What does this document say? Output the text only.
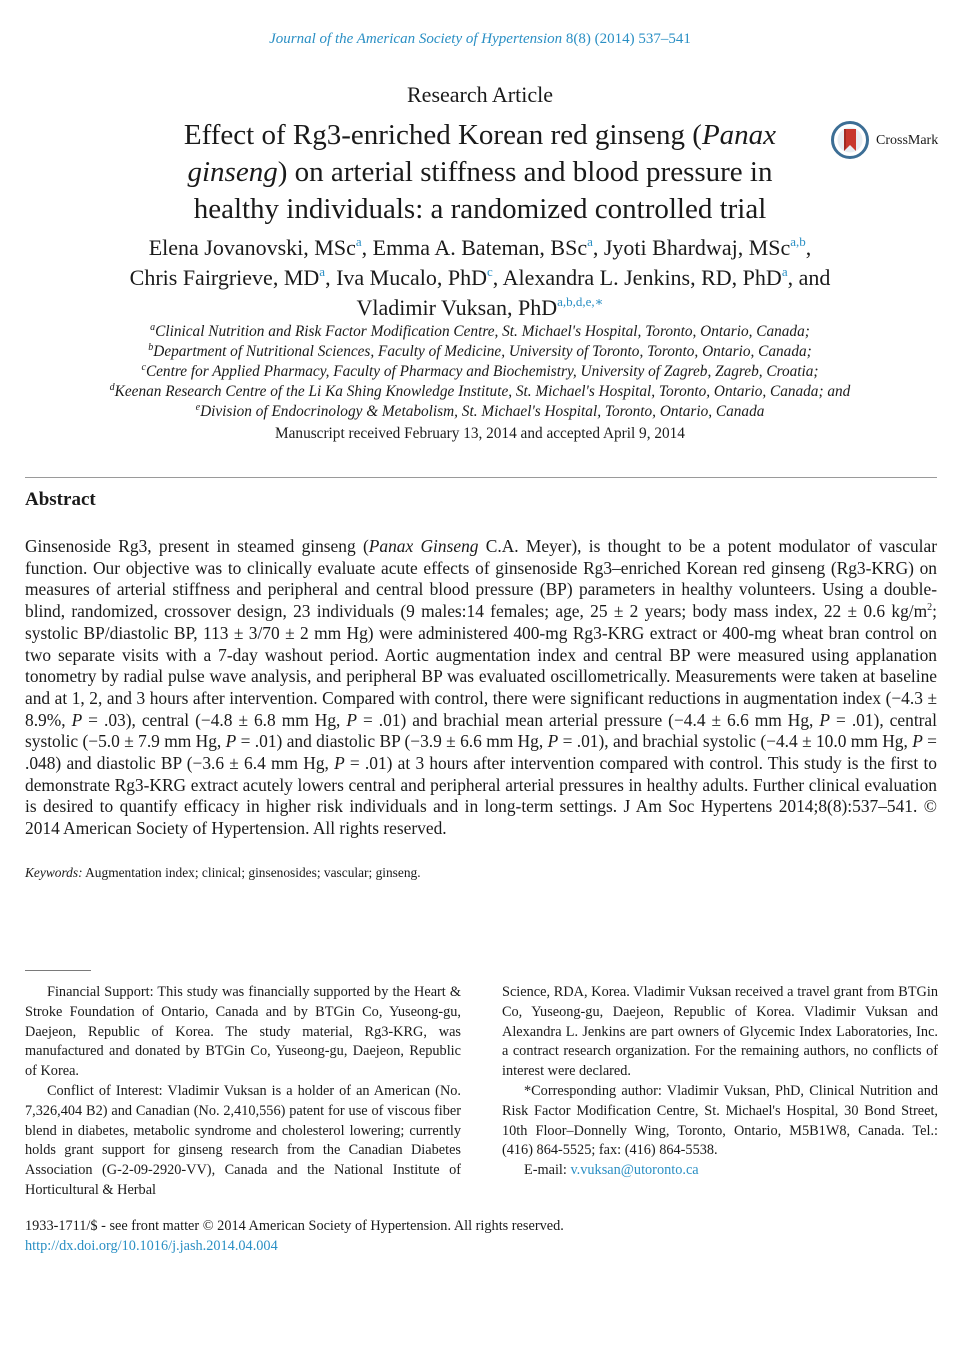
Journal of the American Society of Hypertension 8(8) (2014) 537–541
Research Article
Effect of Rg3-enriched Korean red ginseng (Panax
ginseng) on arterial stiffness and blood pressure in
healthy individuals: a randomized controlled trial
CrossMark
Elena Jovanovski, MSc$^a$, Emma A. Bateman, BSc$^a$, Jyoti Bhardwaj, MSc$^{a,b}$,
Chris Fairgrieve, $MD^a$, Iva Mucalo, PhD$^c$, Alexandra L. Jenkins, RD, PhD$^a$, and
Vladimir Vuksan, PhD$^{a,b,d,e,∗}$
$^a$Clinical Nutrition and Risk Factor Modification Centre, St. Michael's Hospital, Toronto, Ontario, Canada;
$^b$Department of Nutritional Sciences, Faculty of Medicine, University of Toronto, Toronto, Ontario, Canada;
$^c$Centre for Applied Pharmacy, Faculty of Pharmacy and Biochemistry, University of Zagreb, Zagreb, Croatia;
$^d$Keenan Research Centre of the Li Ka Shing Knowledge Institute, St. Michael's Hospital, Toronto, Ontario, Canada; and
$^e$Division of Endocrinology & Metabolism, St. Michael's Hospital, Toronto, Ontario, Canada
Manuscript received February 13, 2014 and accepted April 9, 2014
Abstract

Ginsenoside Rg3, present in steamed ginseng (Panax Ginseng C.A. Meyer), is thought to be a potent modulator of vascular function. Our objective was to clinically evaluate acute effects of ginsenoside Rg3–enriched Korean red ginseng (Rg3-KRG) on measures of arterial stiffness and peripheral and central blood pressure (BP) parameters in healthy volunteers. Using a double-blind, randomized, crossover design, 23 individuals (9 males:14 females; age, 25 ± 2 years; body mass index, 22 ± 0.6 $kg/m^2$; systolic BP/diastolic BP, 113 ± 3/70 ± 2 mm Hg) were administered 400-mg Rg3-KRG extract or 400-mg wheat bran control on two separate visits with a 7-day washout period. Aortic augmentation index and central BP were measured using applanation tonometry by radial pulse wave analysis, and peripheral BP was evaluated oscillometrically. Measurements were taken at baseline and at 1, 2, and 3 hours after intervention. Compared with control, there were significant reductions in augmentation index (−4.3 ± 8.9%, P = .03), central (−4.8 ± 6.8 mm Hg, P = .01) and brachial mean arterial pressure (−4.4 ± 6.6 mm Hg, P = .01), central systolic (−5.0 ± 7.9 mm Hg, P = .01) and diastolic BP (−3.9 ± 6.6 mm Hg, P = .01), and brachial systolic (−4.4 ± 10.0 mm Hg, P = .048) and diastolic BP (−3.6 ± 6.4 mm Hg, P = .01) at 3 hours after intervention compared with control. This study is the first to demonstrate Rg3-KRG extract acutely lowers central and peripheral arterial pressures in healthy adults. Further clinical evaluation is desired to quantify efficacy in higher risk individuals and in long-term settings. J Am Soc Hypertens 2014;8(8):537–541. © 2014 American Society of Hypertension. All rights reserved.

Keywords: Augmentation index; clinical; ginsenosides; vascular; ginseng.

Financial Support: This study was financially supported by the Heart & Stroke Foundation of Ontario, Canada and by BTGin Co, Yuseong-gu, Daejeon, Republic of Korea. The study material, Rg3-KRG, was manufactured and donated by BTGin Co, Yuseong-gu, Daejeon, Republic of Korea.

Conflict of Interest: Vladimir Vuksan is a holder of an American (No. 7,326,404 B2) and Canadian (No. 2,410,556) patent for use of viscous fiber blend in diabetes, metabolic syndrome and cholesterol lowering; currently holds grant support for ginseng research from the Canadian Diabetes Association (G-2-09-2920-VV), Canada and the National Institute of Horticultural & Herbal

Science, RDA, Korea. Vladimir Vuksan received a travel grant from BTGin Co, Yuseong-gu, Daejeon, Republic of Korea. Vladimir Vuksan and Alexandra L. Jenkins are part owners of Glycemic Index Laboratories, Inc. a contract research organization. For the remaining authors, no conflicts of interest were declared.

*Corresponding author: Vladimir Vuksan, PhD, Clinical Nutrition and Risk Factor Modification Centre, St. Michael's Hospital, 30 Bond Street, 10th Floor–Donnelly Wing, Toronto, Ontario, M5B1W8, Canada. Tel.: (416) 864-5525; fax: (416) 864-5538.

E-mail: v.vuksan@utoronto.ca

1933-1711/$ - see front matter © 2014 American Society of Hypertension. All rights reserved.
http://dx.doi.org/10.1016/j.jash.2014.04.004
